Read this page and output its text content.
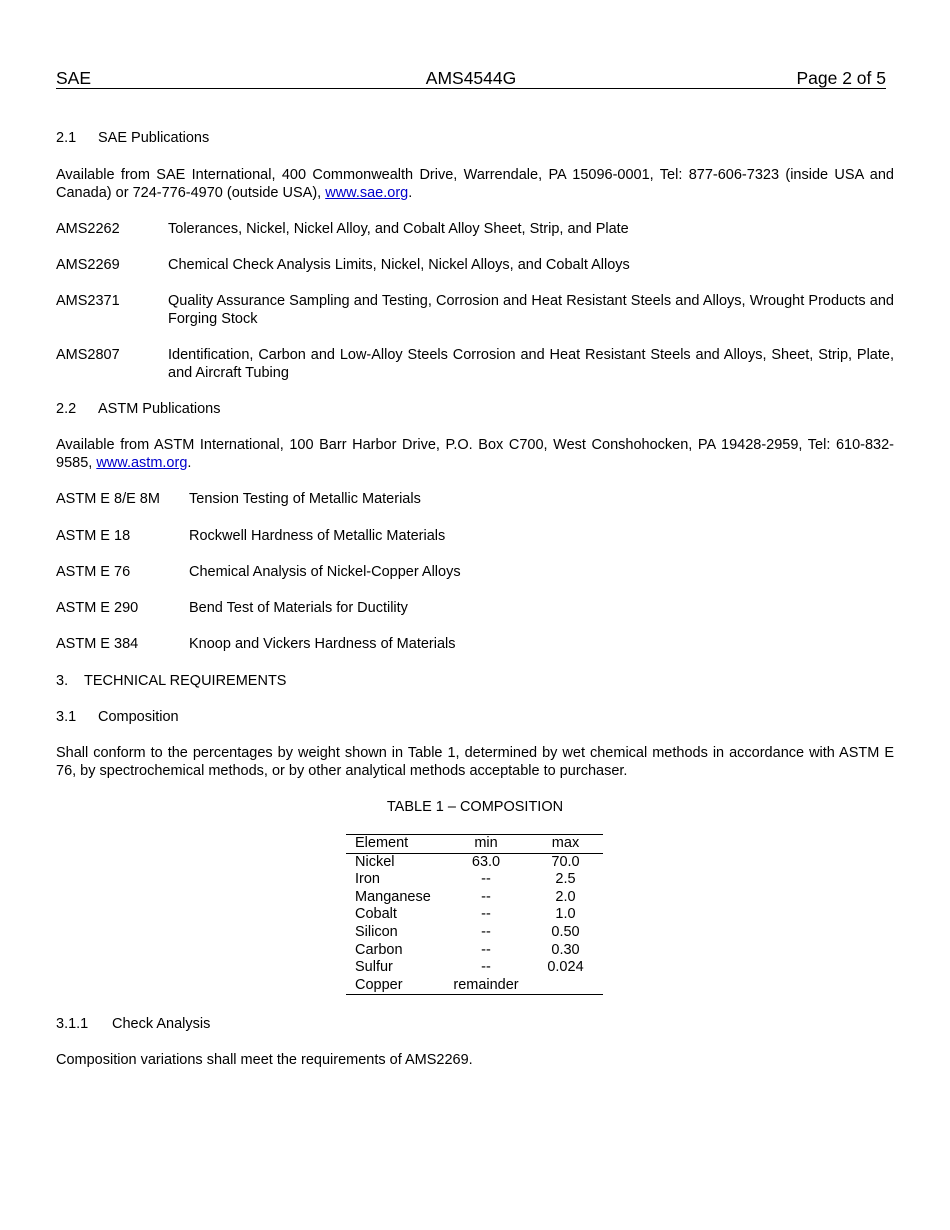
SAE	AMS4544G	Page 2 of 5
2.1 SAE Publications
Available from SAE International, 400 Commonwealth Drive, Warrendale, PA 15096-0001, Tel: 877-606-7323 (inside USA and Canada) or 724-776-4970 (outside USA), www.sae.org.
AMS2262	Tolerances, Nickel, Nickel Alloy, and Cobalt Alloy Sheet, Strip, and Plate
AMS2269	Chemical Check Analysis Limits, Nickel, Nickel Alloys, and Cobalt Alloys
AMS2371	Quality Assurance Sampling and Testing, Corrosion and Heat Resistant Steels and Alloys, Wrought Products and Forging Stock
AMS2807	Identification, Carbon and Low-Alloy Steels Corrosion and Heat Resistant Steels and Alloys, Sheet, Strip, Plate, and Aircraft Tubing
2.2 ASTM Publications
Available from ASTM International, 100 Barr Harbor Drive, P.O. Box C700, West Conshohocken, PA 19428-2959, Tel: 610-832-9585, www.astm.org.
ASTM E 8/E 8M Tension Testing of Metallic Materials
ASTM E 18	Rockwell Hardness of Metallic Materials
ASTM E 76	Chemical Analysis of Nickel-Copper Alloys
ASTM E 290	Bend Test of Materials for Ductility
ASTM E 384	Knoop and Vickers Hardness of Materials
3. TECHNICAL REQUIREMENTS
3.1 Composition
Shall conform to the percentages by weight shown in Table 1, determined by wet chemical methods in accordance with ASTM E 76, by spectrochemical methods, or by other analytical methods acceptable to purchaser.
TABLE 1 – COMPOSITION
Element	min	max
Nickel	63.0	70.0
Iron	--	2.5
Manganese	--	2.0
Cobalt	--	1.0
Silicon	--	0.50
Carbon	--	0.30
Sulfur	--	0.024
Copper	remainder
3.1.1 Check Analysis
Composition variations shall meet the requirements of AMS2269.
